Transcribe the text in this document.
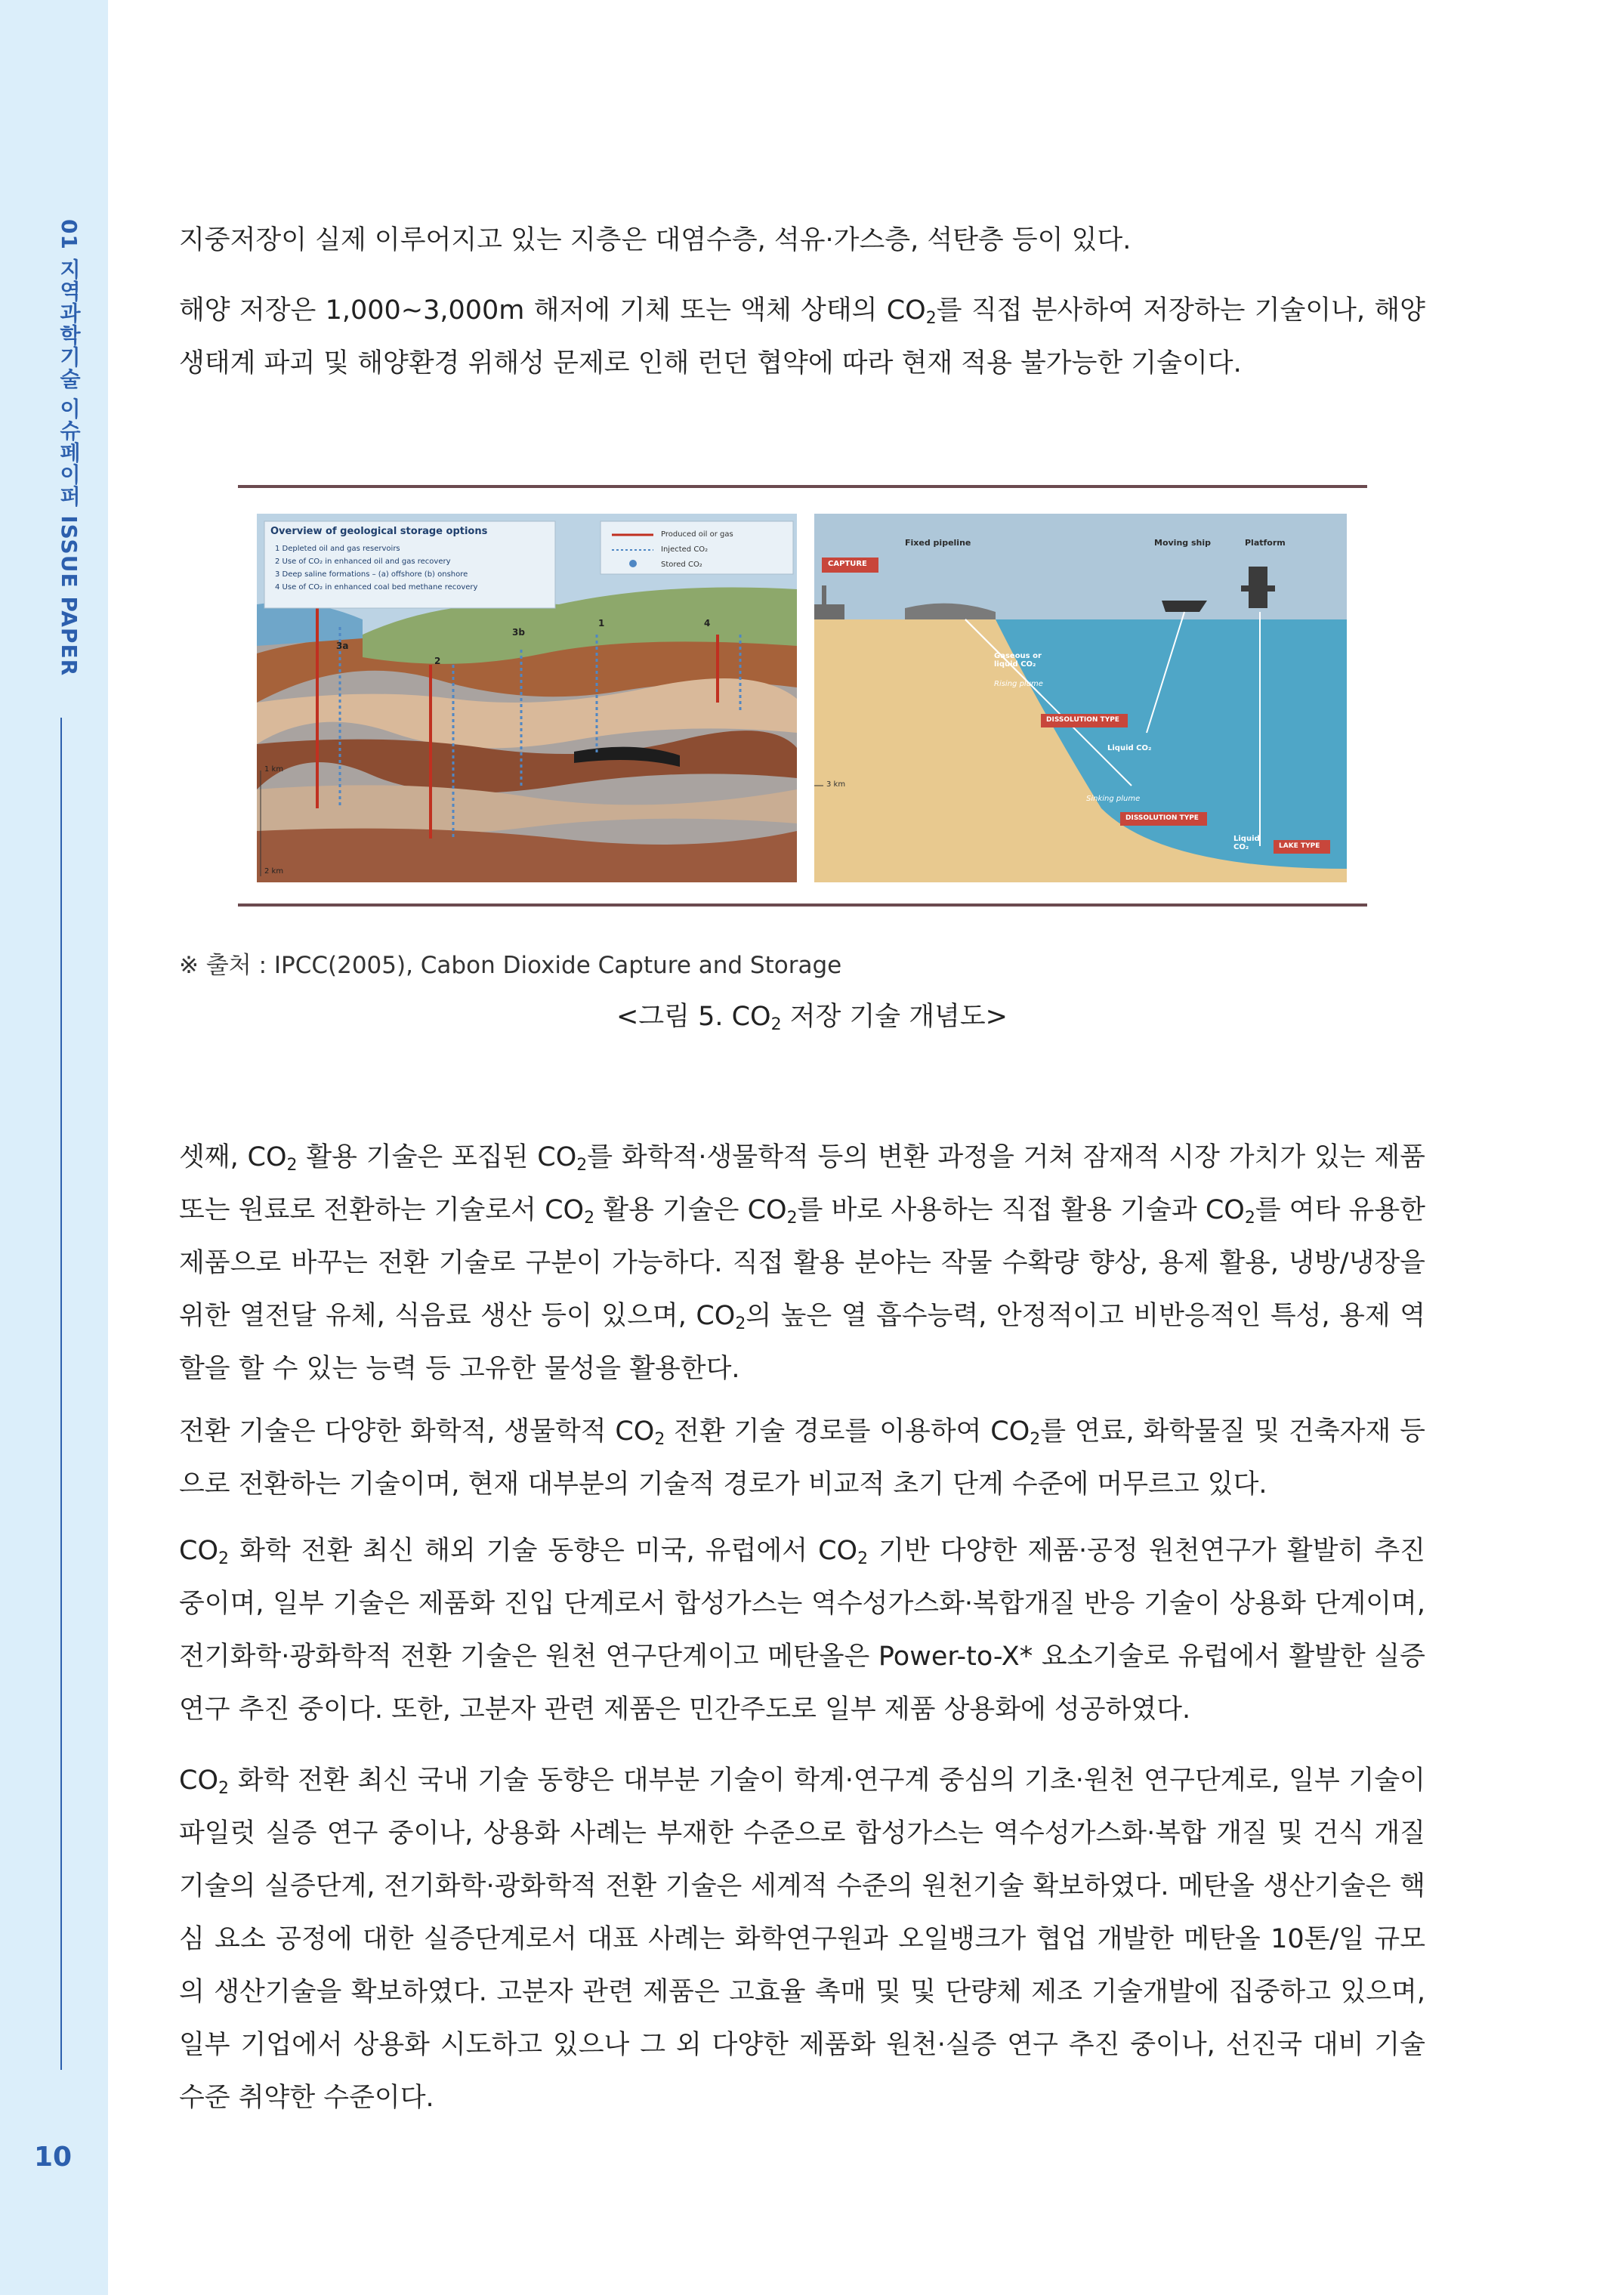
01 지역과학기술 이슈페이퍼 ISSUE PAPER
10

지중저장이 실제 이루어지고 있는 지층은 대염수층, 석유·가스층, 석탄층 등이 있다.

해양 저장은 1,000~3,000m 해저에 기체 또는 액체 상태의 $CO_2$를 직접 분사하여 저장하는 기술이나, 해양생태계 파괴 및 해양환경 위해성 문제로 인해 런던 협약에 따라 현재 적용 불가능한 기술이다.

Overview of geological storage options
1 Depleted oil and gas reservoirs
2 Use of CO₂ in enhanced oil and gas recovery
3 Deep saline formations – (a) offshore (b) onshore
4 Use of CO₂ in enhanced coal bed methane recovery
Produced oil or gas
Injected CO₂
Stored CO₂
3a
2
3b
1	4
1 km
2 km
CAPTURE
Fixed pipeline	Moving ship	Platform
Gaseous or liquid CO₂
Rising plume
DISSOLUTION TYPE
Liquid CO₂
Sinking plume
DISSOLUTION TYPE
Liquid CO₂	LAKE TYPE
3 km
※ 출처 : IPCC(2005), Cabon Dioxide Capture and Storage
<그림 5. $CO_2$ 저장 기술 개념도>

셋째, $CO_2$ 활용 기술은 포집된 $CO_2$를 화학적·생물학적 등의 변환 과정을 거쳐 잠재적 시장 가치가 있는 제품 또는 원료로 전환하는 기술로서 $CO_2$ 활용 기술은 $CO_2$를 바로 사용하는 직접 활용 기술과 $CO_2$를 여타 유용한 제품으로 바꾸는 전환 기술로 구분이 가능하다. 직접 활용 분야는 작물 수확량 향상, 용제 활용, 냉방/냉장을 위한 열전달 유체, 식음료 생산 등이 있으며, $CO_2$의 높은 열 흡수능력, 안정적이고 비반응적인 특성, 용제 역할을 할 수 있는 능력 등 고유한 물성을 활용한다.

전환 기술은 다양한 화학적, 생물학적 $CO_2$ 전환 기술 경로를 이용하여 $CO_2$를 연료, 화학물질 및 건축자재 등으로 전환하는 기술이며, 현재 대부분의 기술적 경로가 비교적 초기 단계 수준에 머무르고 있다.

$CO_2$ 화학 전환 최신 해외 기술 동향은 미국, 유럽에서 $CO_2$ 기반 다양한 제품·공정 원천연구가 활발히 추진 중이며, 일부 기술은 제품화 진입 단계로서 합성가스는 역수성가스화·복합개질 반응 기술이 상용화 단계이며, 전기화학·광화학적 전환 기술은 원천 연구단계이고 메탄올은 Power-to-X* 요소기술로 유럽에서 활발한 실증 연구 추진 중이다. 또한, 고분자 관련 제품은 민간주도로 일부 제품 상용화에 성공하였다.

$CO_2$ 화학 전환 최신 국내 기술 동향은 대부분 기술이 학계·연구계 중심의 기초·원천 연구단계로, 일부 기술이 파일럿 실증 연구 중이나, 상용화 사례는 부재한 수준으로 합성가스는 역수성가스화·복합 개질 및 건식 개질 기술의 실증단계, 전기화학·광화학적 전환 기술은 세계적 수준의 원천기술 확보하였다. 메탄올 생산기술은 핵심 요소 공정에 대한 실증단계로서 대표 사례는 화학연구원과 오일뱅크가 협업 개발한 메탄올 10톤/일 규모의 생산기술을 확보하였다. 고분자 관련 제품은 고효율 촉매 및 및 단량체 제조 기술개발에 집중하고 있으며, 일부 기업에서 상용화 시도하고 있으나 그 외 다양한 제품화 원천·실증 연구 추진 중이나, 선진국 대비 기술 수준 취약한 수준이다.
